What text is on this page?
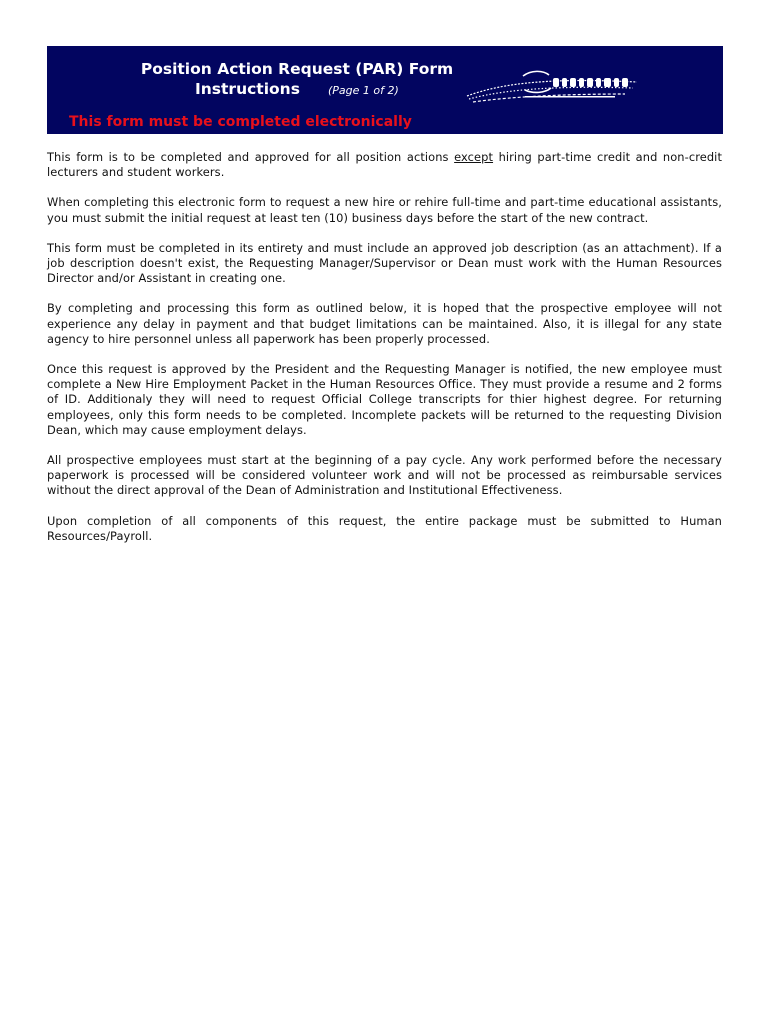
Position Action Request (PAR) Form
Instructions	(Page 1 of 2)
This form must be completed electronically

This form is to be completed and approved for all position actions except hiring part-time credit and non-credit lecturers and student workers.

When completing this electronic form to request a new hire or rehire full-time and part-time educational assistants, you must submit the initial request at least ten (10) business days before the start of the new contract.

This form must be completed in its entirety and must include an approved job description (as an attachment). If a job description doesn't exist, the Requesting Manager/Supervisor or Dean must work with the Human Resources Director and/or Assistant in creating one.

By completing and processing this form as outlined below, it is hoped that the prospective employee will not experience any delay in payment and that budget limitations can be maintained. Also, it is illegal for any state agency to hire personnel unless all paperwork has been properly processed.

Once this request is approved by the President and the Requesting Manager is notified, the new employee must complete a New Hire Employment Packet in the Human Resources Office. They must provide a resume and 2 forms of ID. Additionaly they will need to request Official College transcripts for thier highest degree. For returning employees, only this form needs to be completed. Incomplete packets will be returned to the requesting Division Dean, which may cause employment delays.

All prospective employees must start at the beginning of a pay cycle. Any work performed before the necessary paperwork is processed will be considered volunteer work and will not be processed as reimbursable services without the direct approval of the Dean of Administration and Institutional Effectiveness.

Upon completion of all components of this request, the entire package must be submitted to Human Resources/Payroll.
